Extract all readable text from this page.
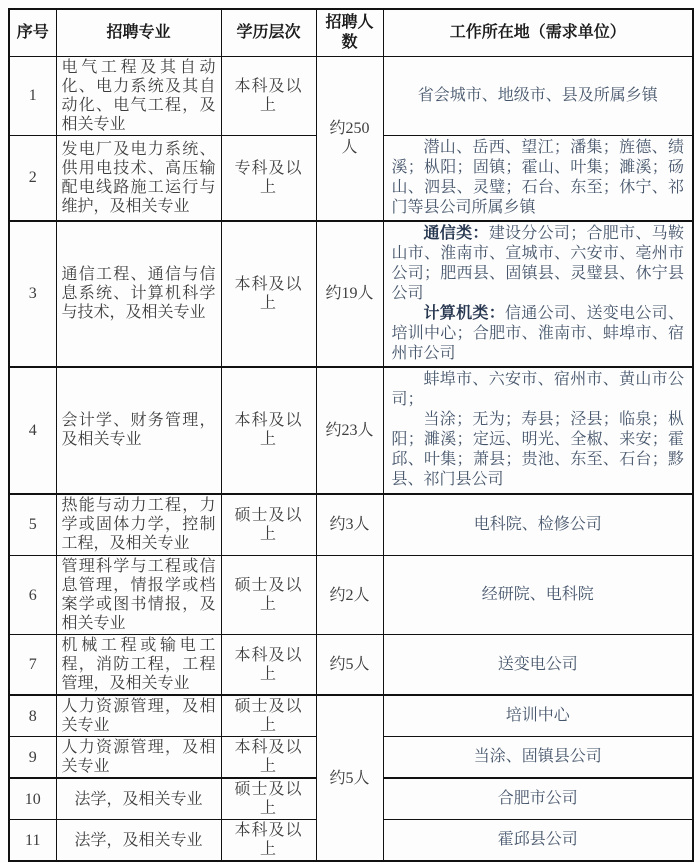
序号	招聘专业	学历层次	招聘人数	工作所在地（需求单位）
1	电气工程及其自动化、电力系统及其自动化、电气工程，及相关专业	本科及以上	约250人	省会城市、地级市、县及所属乡镇
2	发电厂及电力系统、供用电技术、高压输配电线路施工运行与维护，及相关专业	专科及以上		潜山、岳西、望江；潘集；旌德、绩溪；枞阳；固镇；霍山、叶集；濉溪；砀山、泗县、灵璧；石台、东至；休宁、祁门等县公司所属乡镇

3	通信工程、通信与信息系统、计算机科学与技术，及相关专业	本科及以上	约19人	通信类：建设分公司；合肥市、马鞍山市、淮南市、宣城市、六安市、亳州市公司；肥西县、固镇县、灵璧县、休宁县公司

计算机类：信通公司、送变电公司、培训中心；合肥市、淮南市、蚌埠市、宿州市公司

4	会计学、财务管理，及相关专业	本科及以上	约23人	蚌埠市、六安市、宿州市、黄山市公司；

当涂；无为；寿县；泾县；临泉；枞阳；濉溪；定远、明光、全椒、来安；霍邱、叶集；萧县；贵池、东至、石台；黟县、祁门县公司

5	热能与动力工程，力学或固体力学，控制工程，及相关专业	硕士及以上	约3人	电科院、检修公司
6	管理科学与工程或信息管理，情报学或档案学或图书情报，及相关专业	硕士及以上	约2人	经研院、电科院
7	机械工程或输电工程，消防工程，工程管理，及相关专业	本科及以上	约5人	送变电公司
8	人力资源管理，及相关专业	硕士及以上	约5人	培训中心
9	人力资源管理，及相关专业	本科及以上		当涂、固镇县公司
10	法学，及相关专业	硕士及以上		合肥市公司
11	法学，及相关专业	本科及以上		霍邱县公司
